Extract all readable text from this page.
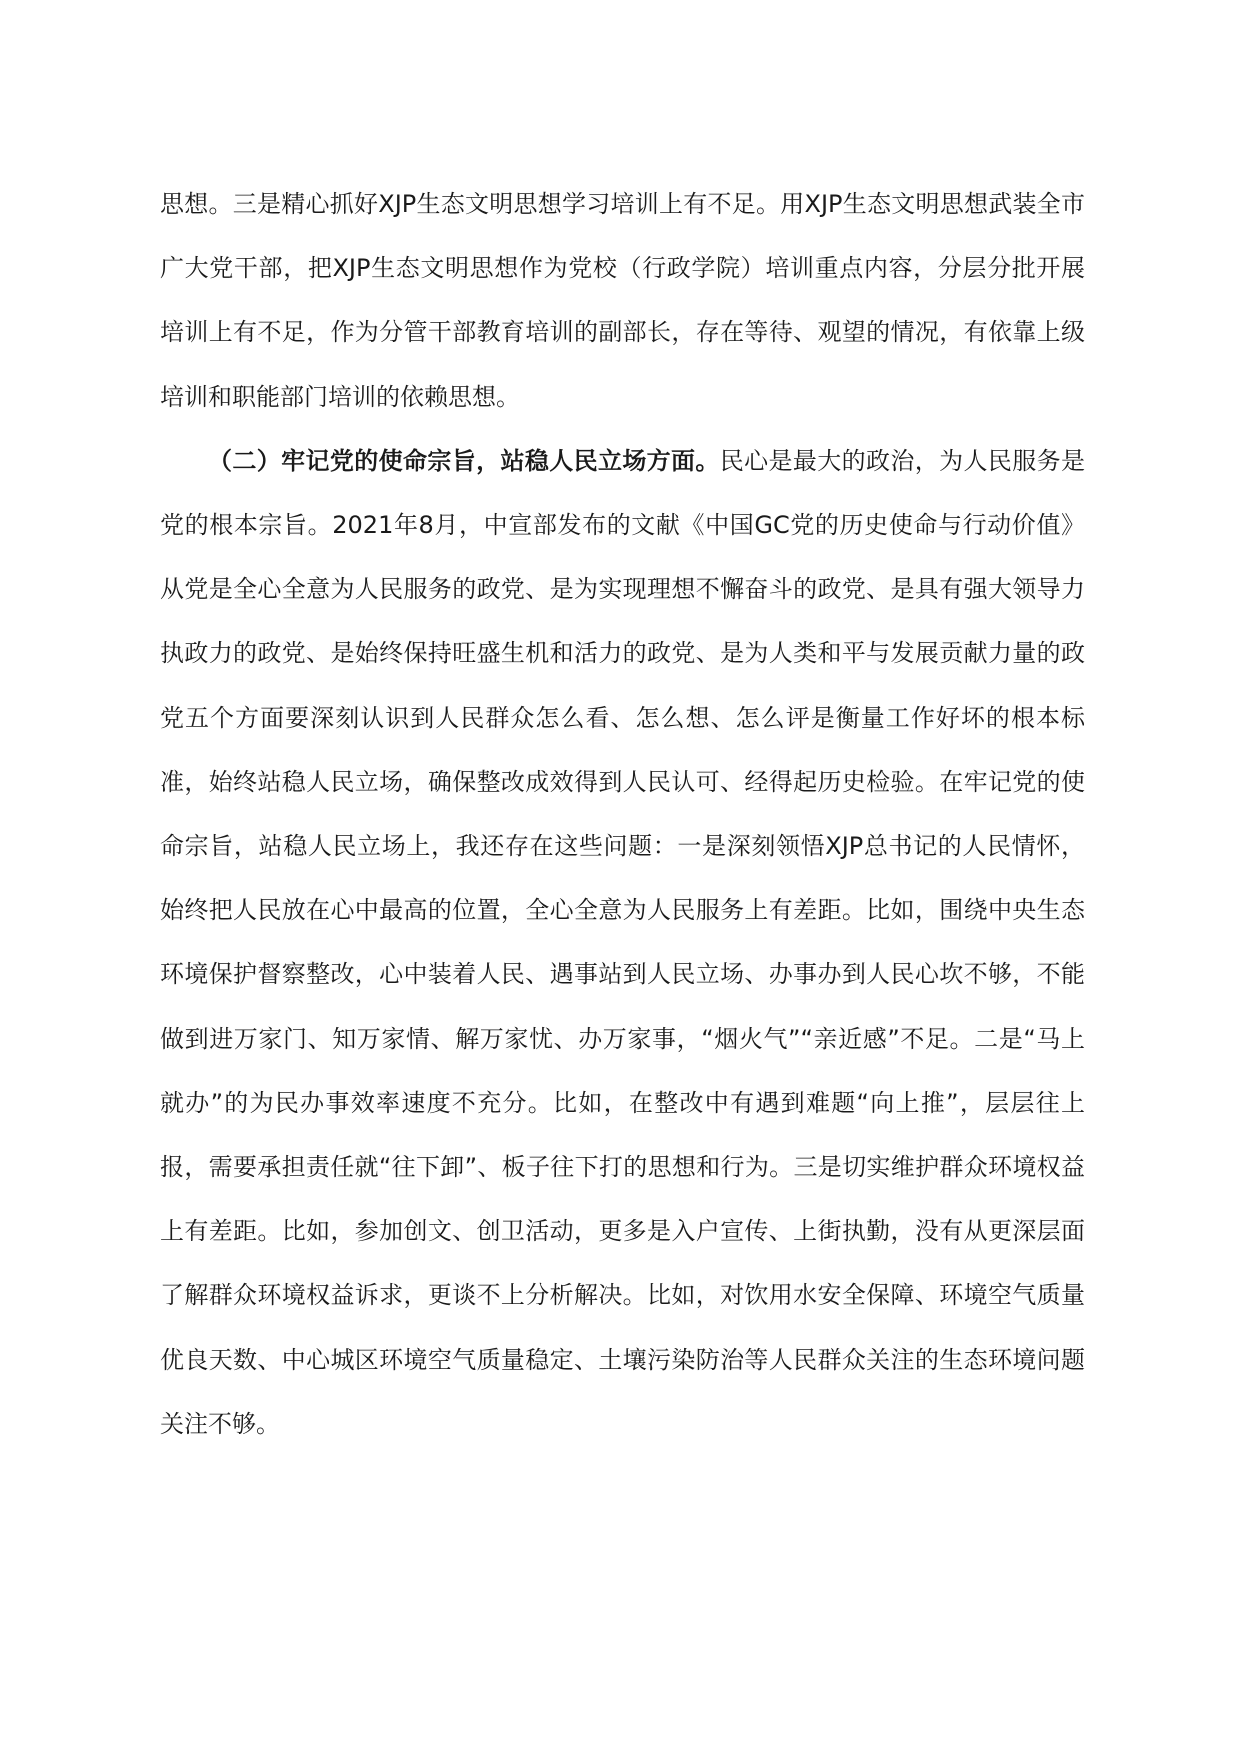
思想。三是精心抓好XJP生态文明思想学习培训上有不足。用XJP生态文明思想武装全市广大党干部，把XJP生态文明思想作为党校（行政学院）培训重点内容，分层分批开展培训上有不足，作为分管干部教育培训的副部长，存在等待、观望的情况，有依靠上级培训和职能部门培训的依赖思想。

（二）牢记党的使命宗旨，站稳人民立场方面。民心是最大的政治，为人民服务是党的根本宗旨。2021年8月，中宣部发布的文献《中国GC党的历史使命与行动价值》从党是全心全意为人民服务的政党、是为实现理想不懈奋斗的政党、是具有强大领导力执政力的政党、是始终保持旺盛生机和活力的政党、是为人类和平与发展贡献力量的政党五个方面要深刻认识到人民群众怎么看、怎么想、怎么评是衡量工作好坏的根本标准，始终站稳人民立场，确保整改成效得到人民认可、经得起历史检验。在牢记党的使命宗旨，站稳人民立场上，我还存在这些问题：一是深刻领悟XJP总书记的人民情怀，始终把人民放在心中最高的位置，全心全意为人民服务上有差距。比如，围绕中央生态环境保护督察整改，心中装着人民、遇事站到人民立场、办事办到人民心坎不够，不能做到进万家门、知万家情、解万家忧、办万家事，“烟火气”“亲近感”不足。二是“马上就办”的为民办事效率速度不充分。比如，在整改中有遇到难题“向上推”，层层往上报，需要承担责任就“往下卸”、板子往下打的思想和行为。三是切实维护群众环境权益上有差距。比如，参加创文、创卫活动，更多是入户宣传、上街执勤，没有从更深层面了解群众环境权益诉求，更谈不上分析解决。比如，对饮用水安全保障、环境空气质量优良天数、中心城区环境空气质量稳定、土壤污染防治等人民群众关注的生态环境问题关注不够。
